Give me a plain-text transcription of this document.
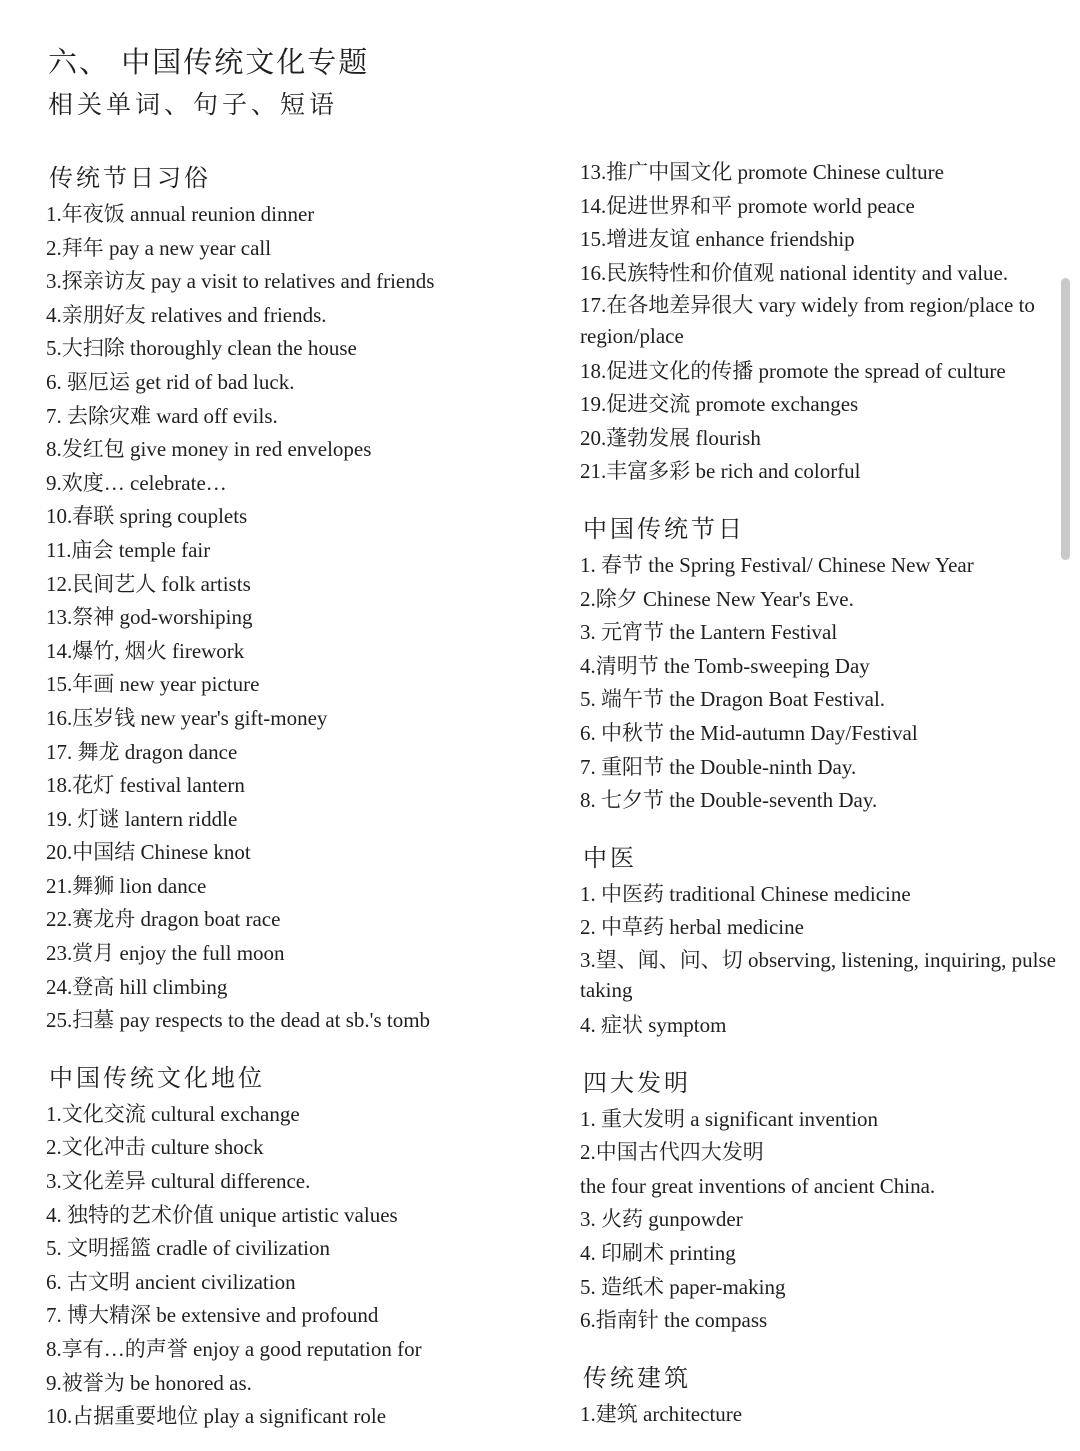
六、 中国传统文化专题
相关单词、句子、短语
传统节日习俗
1.年夜饭 annual reunion dinner
2.拜年 pay a new year call
3.探亲访友 pay a visit to relatives and friends
4.亲朋好友 relatives and friends.
5.大扫除 thoroughly clean the house
6. 驱厄运 get rid of bad luck.
7. 去除灾难 ward off evils.
8.发红包 give money in red envelopes
9.欢度… celebrate…
10.春联 spring couplets
11.庙会 temple fair
12.民间艺人 folk artists
13.祭神 god-worshiping
14.爆竹, 烟火 firework
15.年画 new year picture
16.压岁钱 new year's gift-money
17. 舞龙 dragon dance
18.花灯 festival lantern
19. 灯谜 lantern riddle
20.中国结 Chinese knot
21.舞狮 lion dance
22.赛龙舟 dragon boat race
23.赏月 enjoy the full moon
24.登高 hill climbing
25.扫墓 pay respects to the dead at sb.'s tomb
中国传统文化地位
1.文化交流 cultural exchange
2.文化冲击 culture shock
3.文化差异 cultural difference.
4. 独特的艺术价值 unique artistic values
5. 文明摇篮 cradle of civilization
6. 古文明 ancient civilization
7. 博大精深 be extensive and profound
8.享有…的声誉 enjoy a good reputation for
9.被誉为 be honored as.
10.占据重要地位 play a significant role
13.推广中国文化 promote Chinese culture
14.促进世界和平 promote world peace
15.增进友谊 enhance friendship
16.民族特性和价值观 national identity and value.
17.在各地差异很大 vary widely from region/place to region/place
18.促进文化的传播 promote the spread of culture
19.促进交流 promote exchanges
20.蓬勃发展 flourish
21.丰富多彩 be rich and colorful
中国传统节日
1. 春节 the Spring Festival/ Chinese New Year
2.除夕 Chinese New Year's Eve.
3. 元宵节 the Lantern Festival
4.清明节 the Tomb-sweeping Day
5. 端午节 the Dragon Boat Festival.
6. 中秋节 the Mid-autumn Day/Festival
7. 重阳节 the Double-ninth Day.
8. 七夕节 the Double-seventh Day.
中医
1. 中医药 traditional Chinese medicine
2. 中草药 herbal medicine
3.望、闻、问、切 observing, listening, inquiring, pulse taking
4. 症状 symptom
四大发明
1. 重大发明 a significant invention
2.中国古代四大发明
the four great inventions of ancient China.
3. 火药 gunpowder
4. 印刷术 printing
5. 造纸术 paper-making
6.指南针 the compass
传统建筑
1.建筑 architecture
